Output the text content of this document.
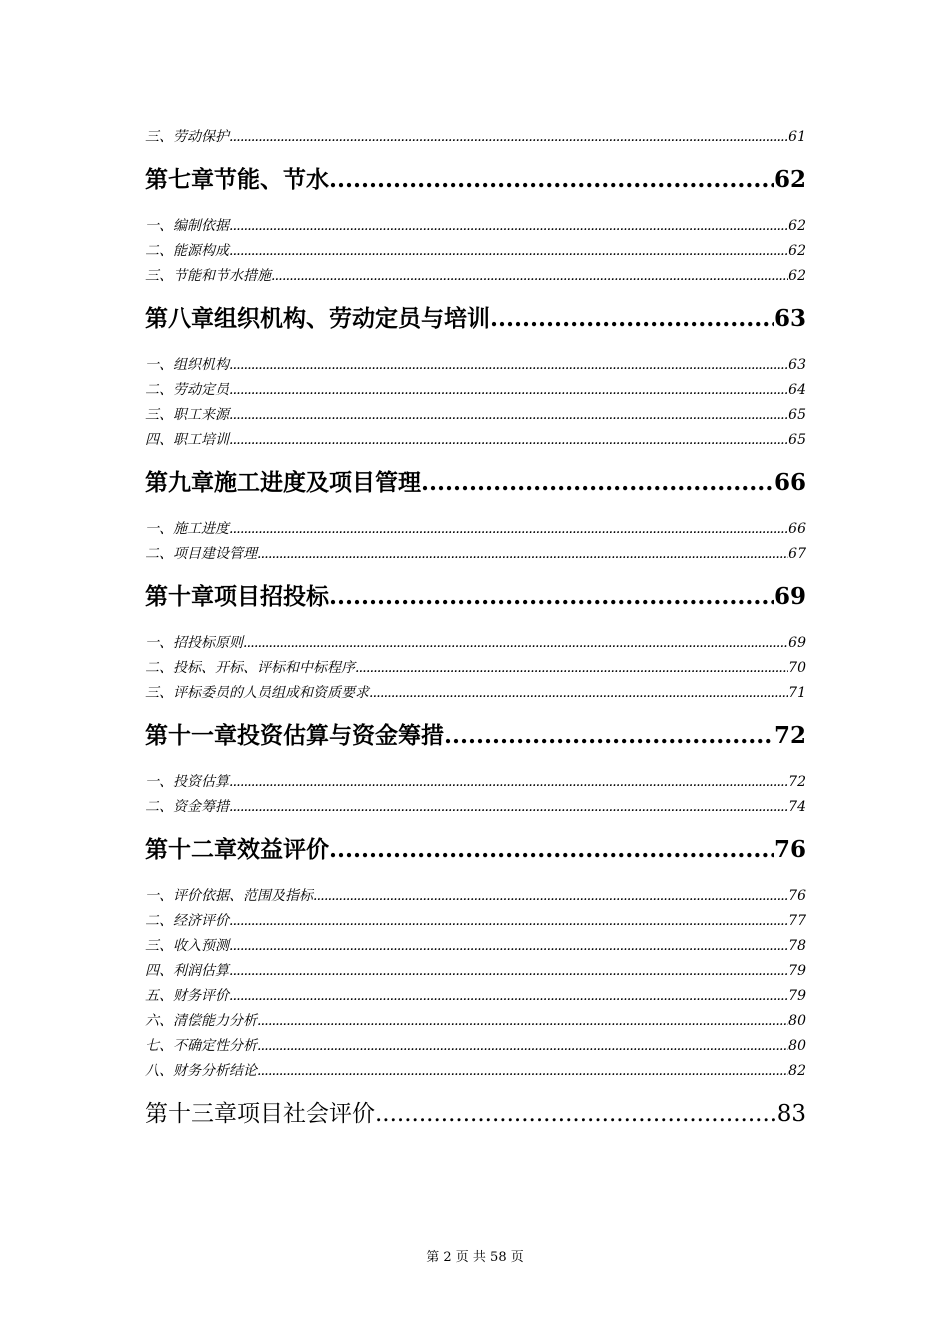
三、劳动保护 .....	61
第七章节能、节水 .....	62
一、编制依据 .....	62
二、能源构成 .....	62
三、节能和节水措施 .....	62
第八章组织机构、劳动定员与培训 .....	63
一、组织机构 .....	63
二、劳动定员 .....	64
三、职工来源 .....	65
四、职工培训 .....	65
第九章施工进度及项目管理 .....	66
一、施工进度 .....	66
二、项目建设管理 .....	67
第十章项目招投标 .....	69
一、招投标原则 .....	69
二、投标、开标、评标和中标程序 .....	70
三、评标委员的人员组成和资质要求 .....	71
第十一章投资估算与资金筹措 .....	72
一、投资估算 .....	72
二、资金筹措 .....	74
第十二章效益评价 .....	76
一、评价依据、范围及指标 .....	76
二、经济评价 .....	77
三、收入预测 .....	78
四、利润估算 .....	79
五、财务评价 .....	79
六、清偿能力分析 .....	80
七、不确定性分析 .....	80
八、财务分析结论 .....	82
第十三章项目社会评价 .....	83
第 2 页 共 58 页
